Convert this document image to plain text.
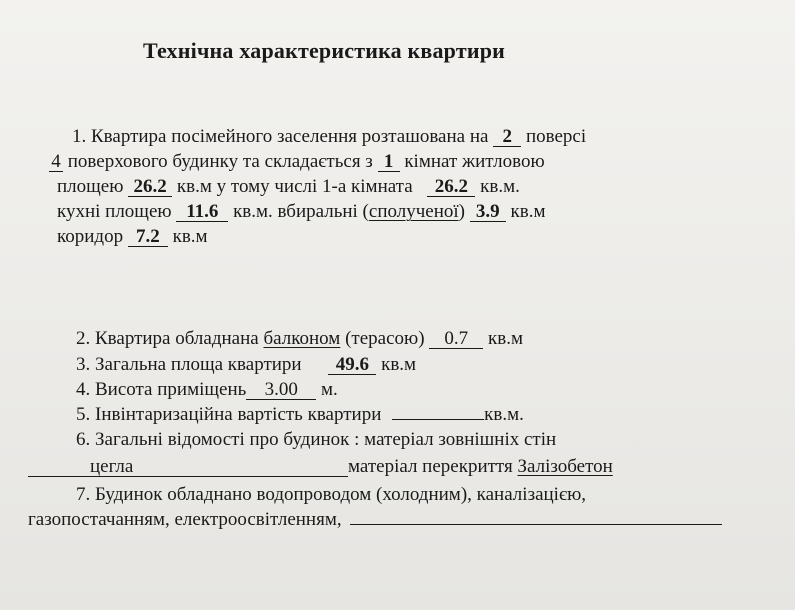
Технічна характеристика квартири
1. Квартира посімейного заселення розташована на 2 поверсі
4 поверхового будинку та складається з 1 кімнат житловою
площею 26.2 кв.м у тому числі 1-а кімната 26.2 кв.м.
кухні площею 11.6 кв.м. вбиральні (сполученої) 3.9 кв.м
коридор 7.2 кв.м
2. Квартира обладнана балконом (терасою) 0.7 кв.м
3. Загальна площа квартири 49.6 кв.м
4. Висота приміщень 3.00 м.
5. Інвінтаризаційна вартість квартири	кв.м.
6. Загальні відомості про будинок : матеріал зовнішніх стін
цегла	матеріал перекриття Залізобетон
7. Будинок обладнано водопроводом (холодним), каналізацією,
газопостачанням, електроосвітленням,
